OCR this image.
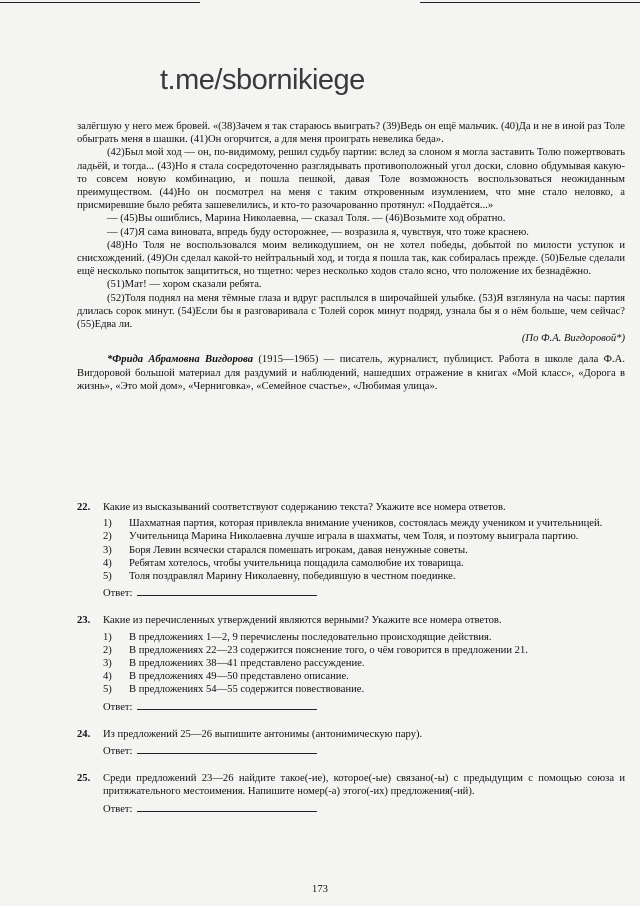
t.me/sbornikiege

залёгшую у него меж бровей. «(38)Зачем я так стараюсь выиграть? (39)Ведь он ещё мальчик. (40)Да и не в иной раз Толе обыграть меня в шашки. (41)Он огорчится, а для меня проиграть невелика беда».

(42)Был мой ход — он, по-видимому, решил судьбу партии: вслед за слоном я могла заставить Толю пожертвовать ладьёй, и тогда... (43)Но я стала сосредоточенно разглядывать противоположный угол доски, словно обдумывая какую-то совсем новую комбинацию, и пошла пешкой, давая Толе возможность воспользоваться неожиданным преимуществом. (44)Но он посмотрел на меня с таким откровенным изумлением, что мне стало неловко, а присмиревшие было ребята зашевелились, и кто-то разочарованно протянул: «Поддаётся...»

— (45)Вы ошиблись, Марина Николаевна, — сказал Толя. — (46)Возьмите ход обратно.

— (47)Я сама виновата, впредь буду осторожнее, — возразила я, чувствуя, что тоже краснею.

(48)Но Толя не воспользовался моим великодушием, он не хотел победы, добытой по милости уступок и снисхождений. (49)Он сделал какой-то нейтральный ход, и тогда я пошла так, как собиралась прежде. (50)Белые сделали ещё несколько попыток защититься, но тщетно: через несколько ходов стало ясно, что положение их безнадёжно.

(51)Мат! — хором сказали ребята.

(52)Толя поднял на меня тёмные глаза и вдруг расплылся в широчайшей улыбке. (53)Я взглянула на часы: партия длилась сорок минут. (54)Если бы я разговаривала с Толей сорок минут подряд, узнала бы я о нём больше, чем сейчас? (55)Едва ли.

(По Ф.А. Вигдоровой*)

*Фрида Абрамовна Вигдорова (1915—1965) — писатель, журналист, публицист. Работа в школе дала Ф.А. Вигдоровой большой материал для раздумий и наблюдений, нашедших отражение в книгах «Мой класс», «Дорога в жизнь», «Это мой дом», «Черниговка», «Семейное счастье», «Любимая улица».

22. Какие из высказываний соответствуют содержанию текста? Укажите все номера ответов.
1) Шахматная партия, которая привлекла внимание учеников, состоялась между учеником и учительницей.
2) Учительница Марина Николаевна лучше играла в шахматы, чем Толя, и поэтому выиграла партию.
3) Боря Левин всячески старался помешать игрокам, давая ненужные советы.
4) Ребятам хотелось, чтобы учительница пощадила самолюбие их товарища.
5) Толя поздравлял Марину Николаевну, победившую в честном поединке.
Ответ:
23. Какие из перечисленных утверждений являются верными? Укажите все номера ответов.
1) В предложениях 1—2, 9 перечислены последовательно происходящие действия.
2) В предложениях 22—23 содержится пояснение того, о чём говорится в предложении 21.
3) В предложениях 38—41 представлено рассуждение.
4) В предложениях 49—50 представлено описание.
5) В предложениях 54—55 содержится повествование.
Ответ:
24. Из предложений 25—26 выпишите антонимы (антонимическую пару).
Ответ:
25. Среди предложений 23—26 найдите такое(-ие), которое(-ые) связано(-ы) с предыдущим с помощью союза и притяжательного местоимения. Напишите номер(-а) этого(-их) предложения(-ий).
Ответ:
173
